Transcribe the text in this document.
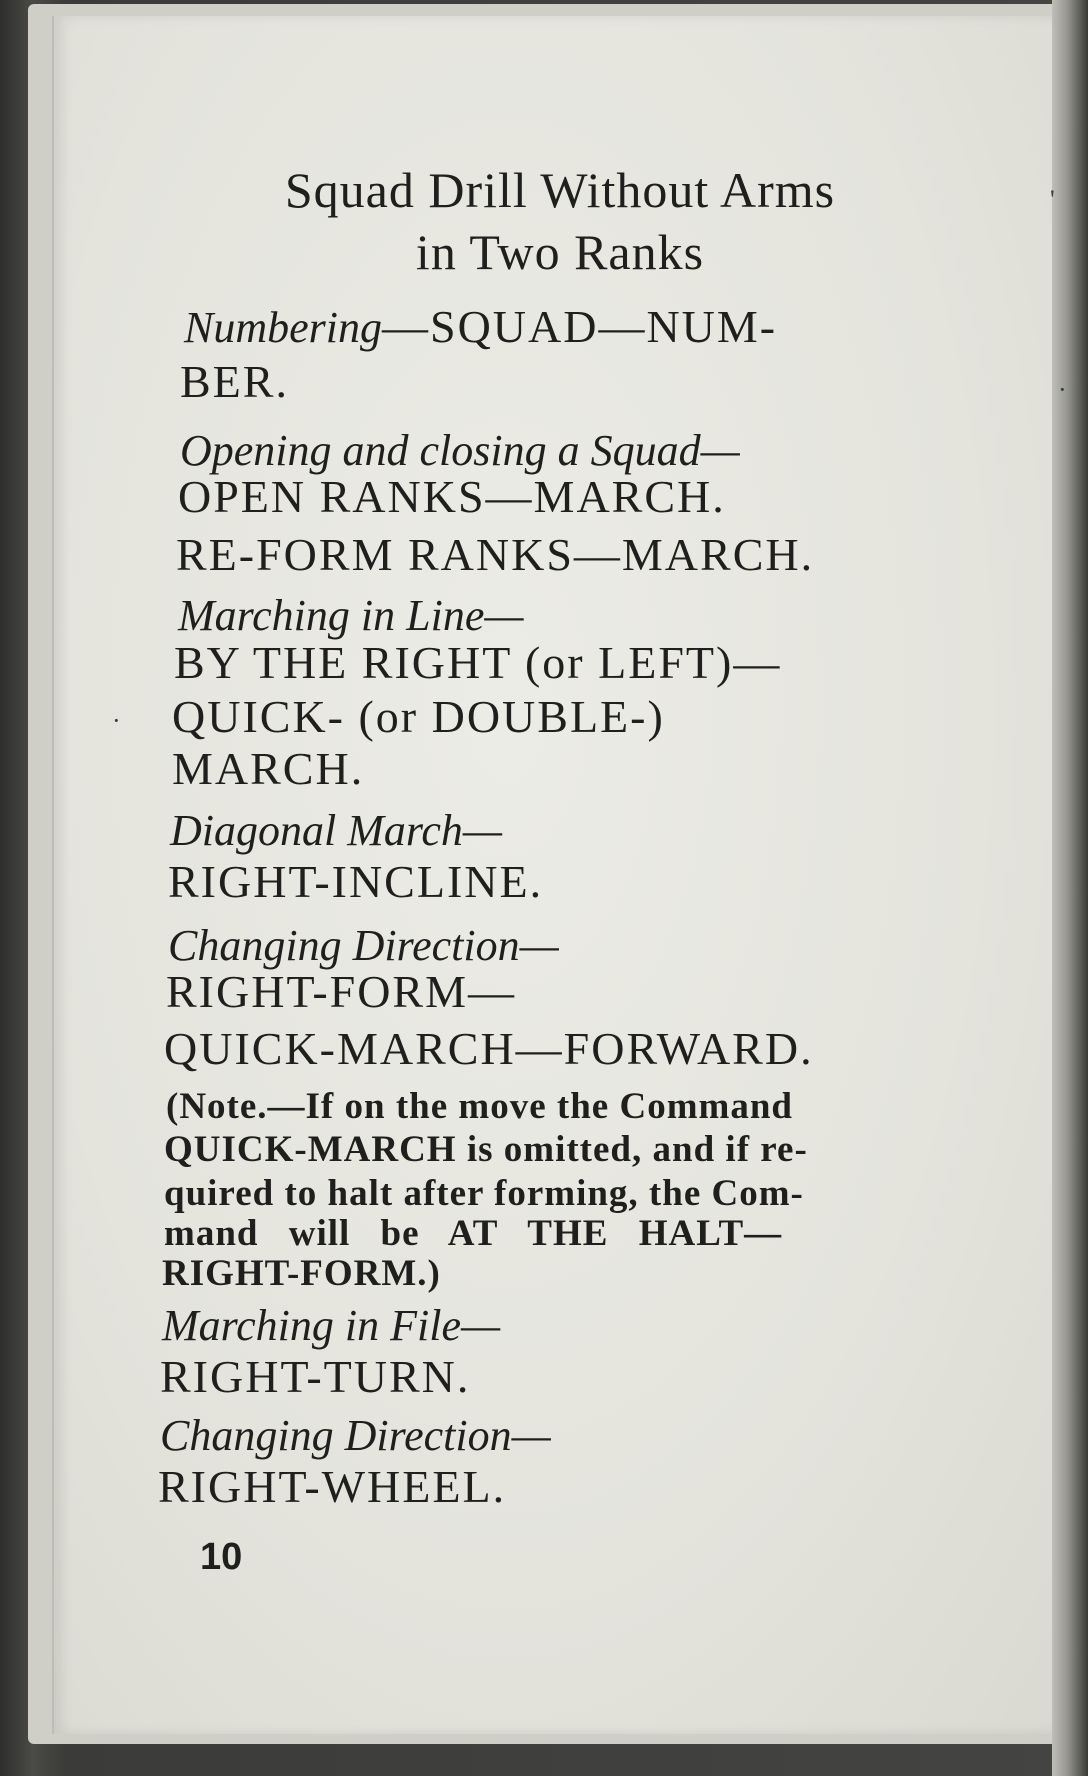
Squad Drill Without Arms
in Two Ranks
Numbering—SQUAD—NUM-
BER.
Opening and closing a Squad—
OPEN RANKS—MARCH.
RE-FORM RANKS—MARCH.
Marching in Line—
BY THE RIGHT (or LEFT)—
QUICK- (or DOUBLE-)
MARCH.
Diagonal March—
RIGHT-INCLINE.
Changing Direction—
RIGHT-FORM—
QUICK-MARCH—FORWARD.
(Note.—If on the move the Command
QUICK-MARCH is omitted, and if re-
quired to halt after forming, the Com-
mand will be AT THE HALT—
RIGHT-FORM.)
Marching in File—
RIGHT-TURN.
Changing Direction—
RIGHT-WHEEL.
10
'
·
·
